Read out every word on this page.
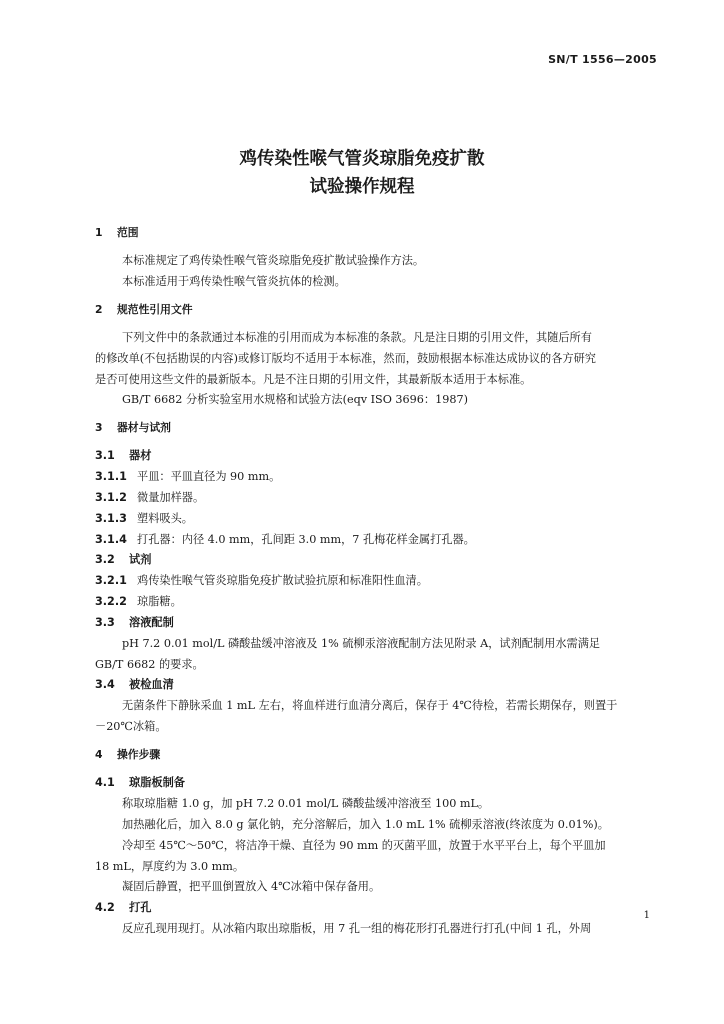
SN/T 1556—2005
鸡传染性喉气管炎琼脂免疫扩散
试验操作规程
1 范围
本标准规定了鸡传染性喉气管炎琼脂免疫扩散试验操作方法。
本标准适用于鸡传染性喉气管炎抗体的检测。
2 规范性引用文件
下列文件中的条款通过本标准的引用而成为本标准的条款。凡是注日期的引用文件，其随后所有
的修改单(不包括勘误的内容)或修订版均不适用于本标准，然而，鼓励根据本标准达成协议的各方研究
是否可使用这些文件的最新版本。凡是不注日期的引用文件，其最新版本适用于本标准。
GB/T 6682 分析实验室用水规格和试验方法(eqv ISO 3696：1987)
3 器材与试剂
3.1 器材
3.1.1 平皿：平皿直径为 90 mm。
3.1.2 微量加样器。
3.1.3 塑料吸头。
3.1.4 打孔器：内径 4.0 mm，孔间距 3.0 mm，7 孔梅花样金属打孔器。
3.2 试剂
3.2.1 鸡传染性喉气管炎琼脂免疫扩散试验抗原和标准阳性血清。
3.2.2 琼脂糖。
3.3 溶液配制
pH 7.2 0.01 mol/L 磷酸盐缓冲溶液及 1% 硫柳汞溶液配制方法见附录 A，试剂配制用水需满足
GB/T 6682 的要求。
3.4 被检血清
无菌条件下静脉采血 1 mL 左右，将血样进行血清分离后，保存于 4℃待检，若需长期保存，则置于
－20℃冰箱。
4 操作步骤
4.1 琼脂板制备
称取琼脂糖 1.0 g，加 pH 7.2 0.01 mol/L 磷酸盐缓冲溶液至 100 mL。
加热融化后，加入 8.0 g 氯化钠，充分溶解后，加入 1.0 mL 1% 硫柳汞溶液(终浓度为 0.01%)。
冷却至 45℃～50℃，将洁净干燥、直径为 90 mm 的灭菌平皿，放置于水平平台上，每个平皿加
18 mL，厚度约为 3.0 mm。
凝固后静置，把平皿倒置放入 4℃冰箱中保存备用。
4.2 打孔
反应孔现用现打。从冰箱内取出琼脂板，用 7 孔一组的梅花形打孔器进行打孔(中间 1 孔，外周
1
